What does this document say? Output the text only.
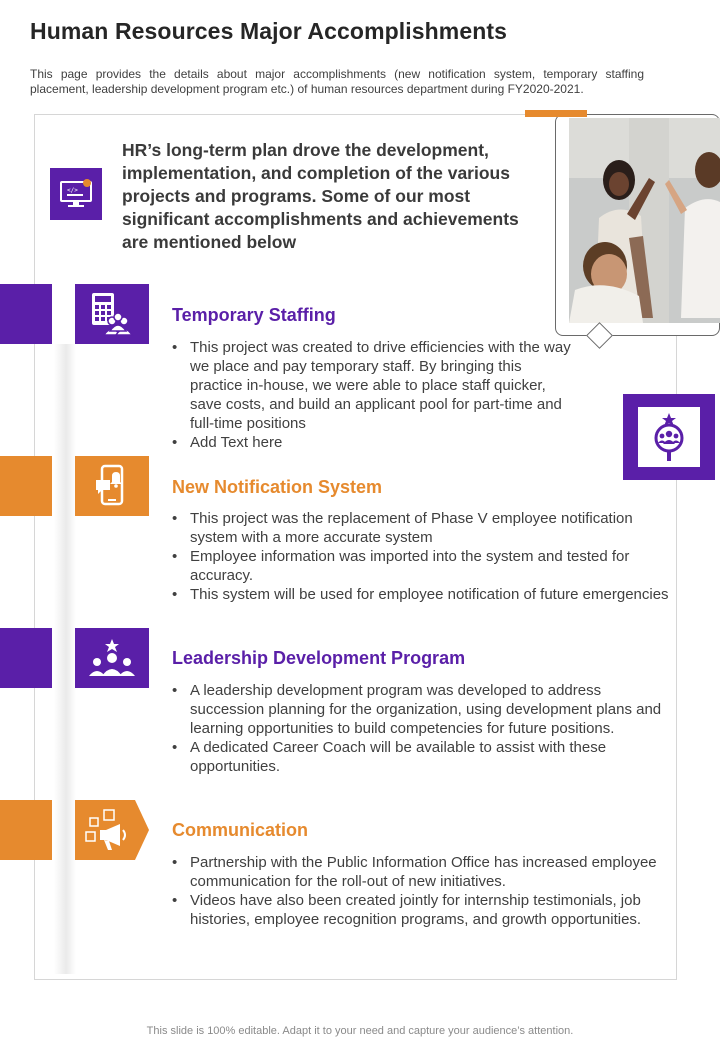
Human Resources Major Accomplishments
This page provides the details about major accomplishments (new notification system, temporary staffing placement, leadership development program etc.) of human resources department during FY2020-2021.
</>
HR’s long-term plan drove the development, implementation, and completion of the various projects and programs. Some of our most significant accomplishments and achievements are mentioned below
Temporary Staffing
• This project was created to drive efficiencies with the way we place and pay temporary staff. By bringing this practice in-house, we were able to place staff quicker, save costs, and build an applicant pool for part-time and full-time positions
• Add Text here
New Notification System
• This project was the replacement of Phase V employee notification system with a more accurate system
• Employee information was imported into the system and tested for accuracy.
• This system will be used for employee notification of future emergencies
Leadership Development Program
• A leadership development program was developed to address succession planning for the organization, using development plans and learning opportunities to build competencies for future positions.
• A dedicated Career Coach will be available to assist with these opportunities.
Communication
• Partnership with the Public Information Office has increased employee communication for the roll-out of new initiatives.
• Videos have also been created jointly for internship testimonials, job histories, employee recognition programs, and growth opportunities.
This slide is 100% editable. Adapt it to your need and capture your audience’s attention.
